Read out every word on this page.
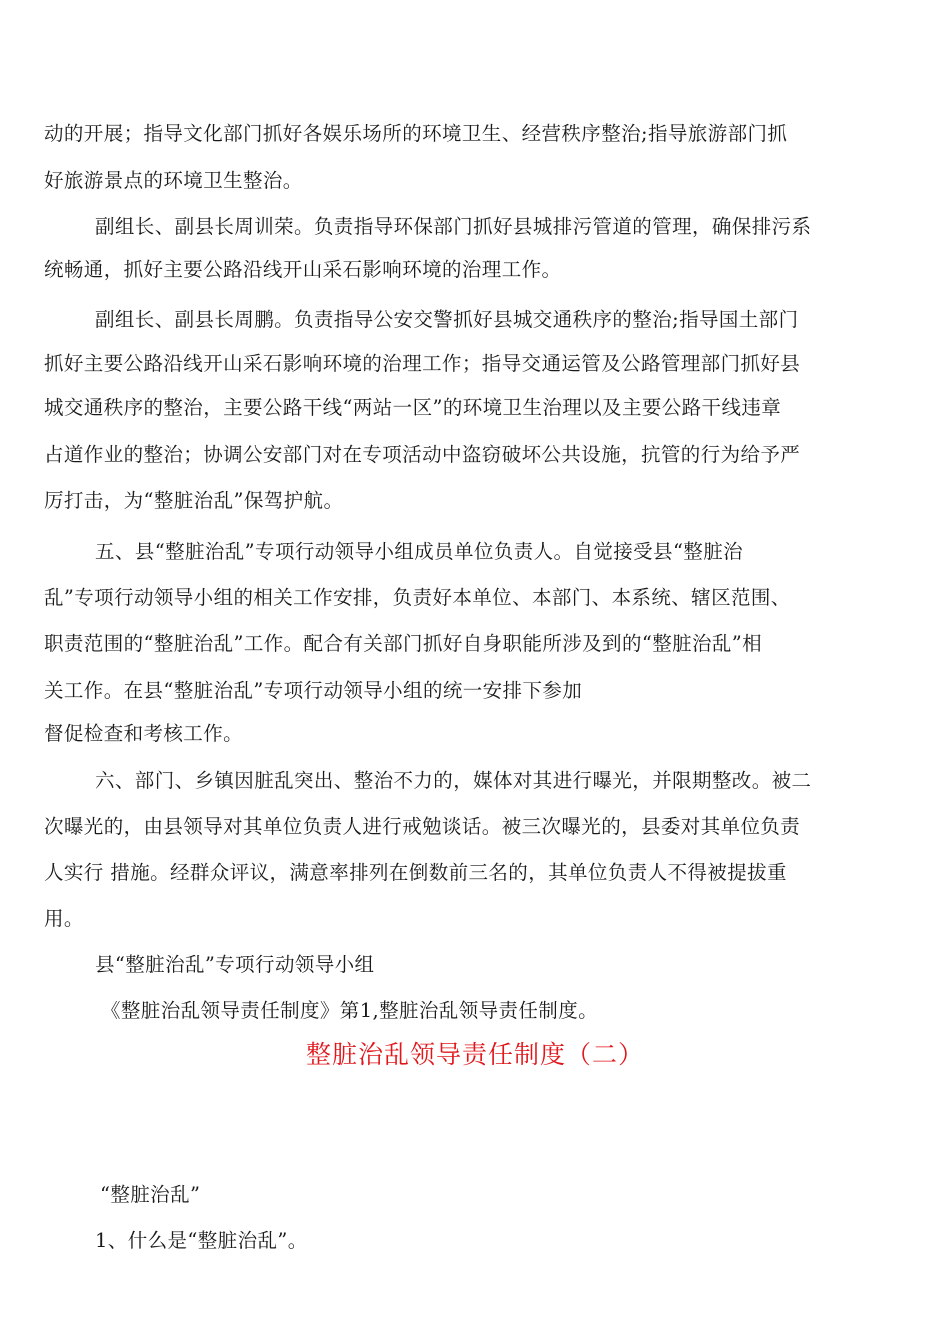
动的开展；指导文化部门抓好各娱乐场所的环境卫生、经营秩序整治;指导旅游部门抓
好旅游景点的环境卫生整治。
副组长、副县长周训荣。负责指导环保部门抓好县城排污管道的管理，确保排污系
统畅通，抓好主要公路沿线开山采石影响环境的治理工作。
副组长、副县长周鹏。负责指导公安交警抓好县城交通秩序的整治;指导国土部门
抓好主要公路沿线开山采石影响环境的治理工作；指导交通运管及公路管理部门抓好县
城交通秩序的整治，主要公路干线“两站一区”的环境卫生治理以及主要公路干线违章
占道作业的整治；协调公安部门对在专项活动中盗窃破坏公共设施，抗管的行为给予严
厉打击，为“整脏治乱”保驾护航。
五、县“整脏治乱”专项行动领导小组成员单位负责人。自觉接受县“整脏治
乱”专项行动领导小组的相关工作安排，负责好本单位、本部门、本系统、辖区范围、
职责范围的“整脏治乱”工作。配合有关部门抓好自身职能所涉及到的“整脏治乱”相
关工作。在县“整脏治乱”专项行动领导小组的统一安排下参加
督促检查和考核工作。
六、部门、乡镇因脏乱突出、整治不力的，媒体对其进行曝光，并限期整改。被二
次曝光的，由县领导对其单位负责人进行戒勉谈话。被三次曝光的，县委对其单位负责
人实行 措施。经群众评议，满意率排列在倒数前三名的，其单位负责人不得被提拔重
用。
县“整脏治乱”专项行动领导小组
《整脏治乱领导责任制度》第1,整脏治乱领导责任制度。
整脏治乱领导责任制度（二）
“整脏治乱”
1、什么是“整脏治乱”。
